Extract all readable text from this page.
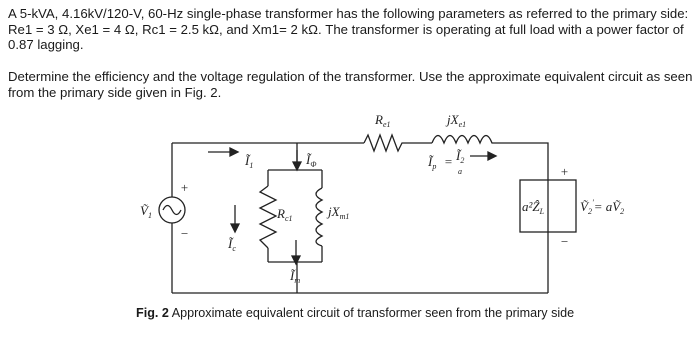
A 5-kVA, 4.16kV/120-V, 60-Hz single-phase transformer has the following parameters as referred to the primary side: Re1 = 3 Ω, Xe1 = 4 Ω, Rc1 = 2.5 kΩ, and Xm1= 2 kΩ. The transformer is operating at full load with a power factor of 0.87 lagging.
Determine the efficiency and the voltage regulation of the transformer. Use the approximate equivalent circuit as seen from the primary side given in Fig. 2.
$R_{e1}$	$jX_{e1}$
$Ĩ_1$	$Ĩ_\Phi$	$Ĩ_p$ = $Ĩ_2$
a
Ṽ$_1$
+
−
$Ĩ_c$
$R_{c1}$
$Ĩ_m$
$jX_{m1}$
a²Ẑ$_L$
+
−
Ṽ$_2$′= aṼ$_2$
Fig. 2 Approximate equivalent circuit of transformer seen from the primary side
